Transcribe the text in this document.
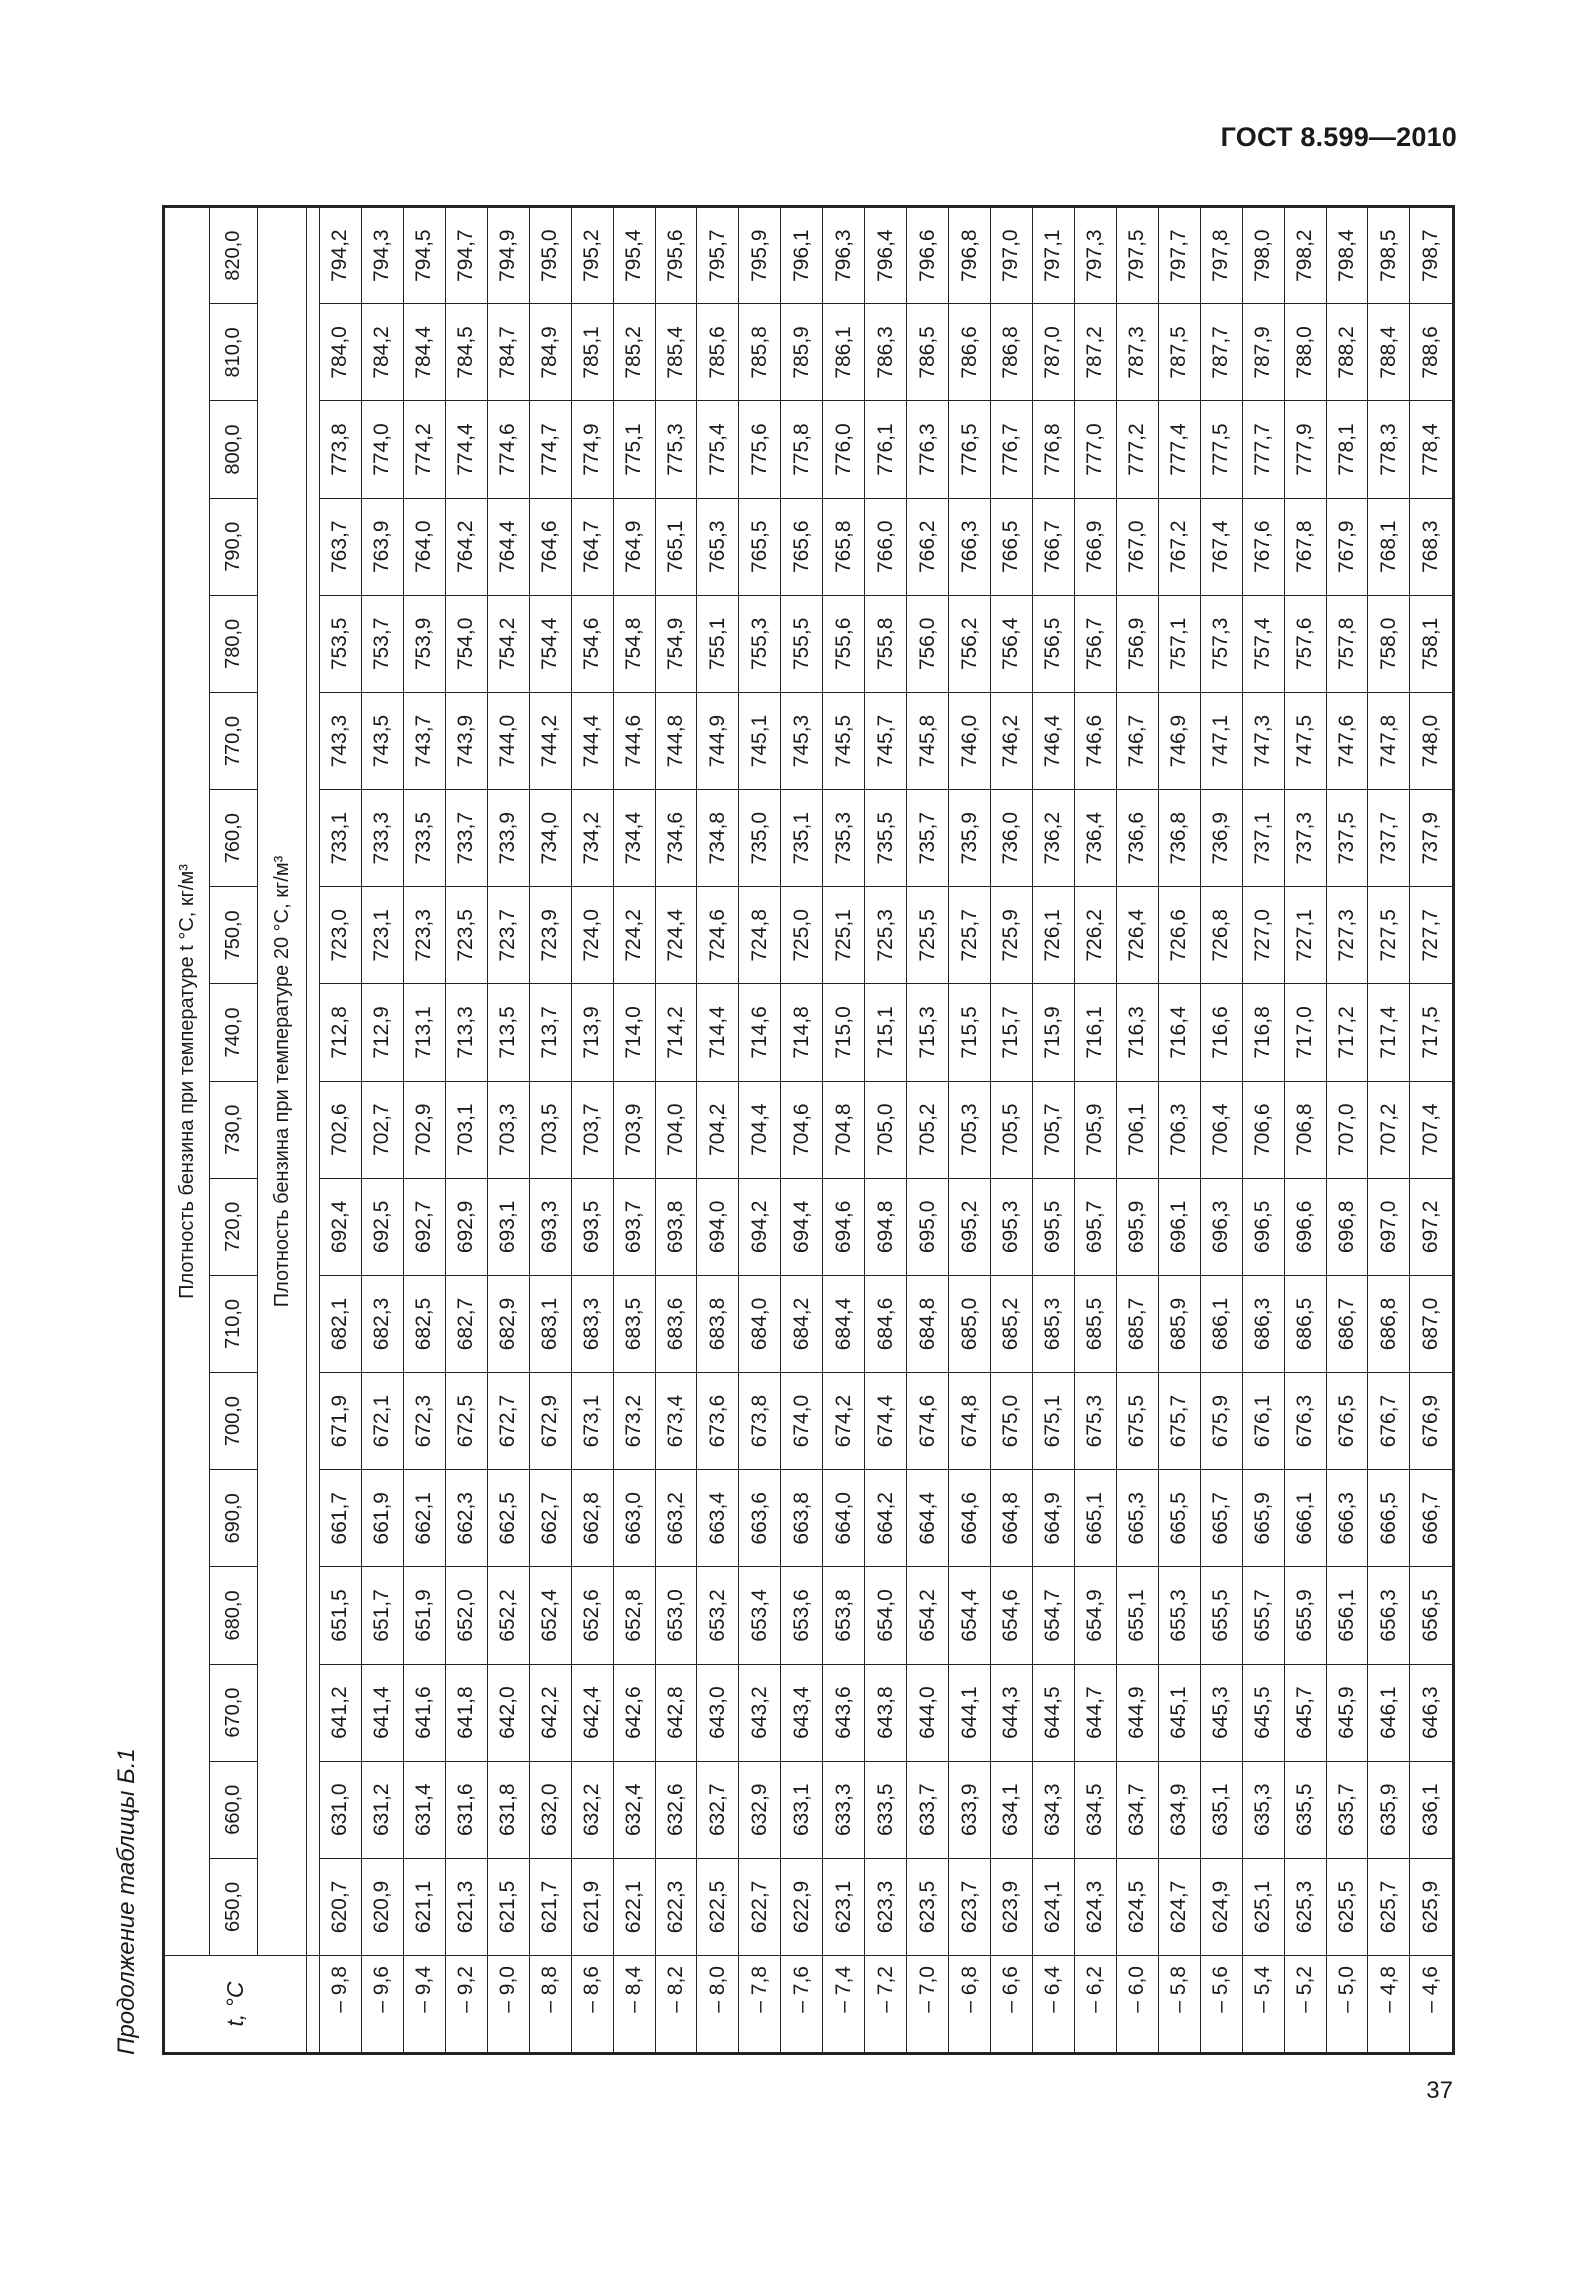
ГОСТ 8.599—2010
37
Продолжение таблицы Б.1	t, °C	Плотность бензина при температуре t °С, кг/м³																	
	650,0	660,0	670,0	680,0	690,0	700,0	710,0	720,0	730,0	740,0	750,0	760,0	770,0	780,0	790,0	800,0	810,0	820,0
	Плотность бензина при температуре 20 °С, кг/м³																	

– 9,8	620,7	631,0	641,2	651,5	661,7	671,9	682,1	692,4	702,6	712,8	723,0	733,1	743,3	753,5	763,7	773,8	784,0	794,2
– 9,6	620,9	631,2	641,4	651,7	661,9	672,1	682,3	692,5	702,7	712,9	723,1	733,3	743,5	753,7	763,9	774,0	784,2	794,3
– 9,4	621,1	631,4	641,6	651,9	662,1	672,3	682,5	692,7	702,9	713,1	723,3	733,5	743,7	753,9	764,0	774,2	784,4	794,5
– 9,2	621,3	631,6	641,8	652,0	662,3	672,5	682,7	692,9	703,1	713,3	723,5	733,7	743,9	754,0	764,2	774,4	784,5	794,7
– 9,0	621,5	631,8	642,0	652,2	662,5	672,7	682,9	693,1	703,3	713,5	723,7	733,9	744,0	754,2	764,4	774,6	784,7	794,9
– 8,8	621,7	632,0	642,2	652,4	662,7	672,9	683,1	693,3	703,5	713,7	723,9	734,0	744,2	754,4	764,6	774,7	784,9	795,0
– 8,6	621,9	632,2	642,4	652,6	662,8	673,1	683,3	693,5	703,7	713,9	724,0	734,2	744,4	754,6	764,7	774,9	785,1	795,2
– 8,4	622,1	632,4	642,6	652,8	663,0	673,2	683,5	693,7	703,9	714,0	724,2	734,4	744,6	754,8	764,9	775,1	785,2	795,4
– 8,2	622,3	632,6	642,8	653,0	663,2	673,4	683,6	693,8	704,0	714,2	724,4	734,6	744,8	754,9	765,1	775,3	785,4	795,6
– 8,0	622,5	632,7	643,0	653,2	663,4	673,6	683,8	694,0	704,2	714,4	724,6	734,8	744,9	755,1	765,3	775,4	785,6	795,7
– 7,8	622,7	632,9	643,2	653,4	663,6	673,8	684,0	694,2	704,4	714,6	724,8	735,0	745,1	755,3	765,5	775,6	785,8	795,9
– 7,6	622,9	633,1	643,4	653,6	663,8	674,0	684,2	694,4	704,6	714,8	725,0	735,1	745,3	755,5	765,6	775,8	785,9	796,1
– 7,4	623,1	633,3	643,6	653,8	664,0	674,2	684,4	694,6	704,8	715,0	725,1	735,3	745,5	755,6	765,8	776,0	786,1	796,3
– 7,2	623,3	633,5	643,8	654,0	664,2	674,4	684,6	694,8	705,0	715,1	725,3	735,5	745,7	755,8	766,0	776,1	786,3	796,4
– 7,0	623,5	633,7	644,0	654,2	664,4	674,6	684,8	695,0	705,2	715,3	725,5	735,7	745,8	756,0	766,2	776,3	786,5	796,6
– 6,8	623,7	633,9	644,1	654,4	664,6	674,8	685,0	695,2	705,3	715,5	725,7	735,9	746,0	756,2	766,3	776,5	786,6	796,8
– 6,6	623,9	634,1	644,3	654,6	664,8	675,0	685,2	695,3	705,5	715,7	725,9	736,0	746,2	756,4	766,5	776,7	786,8	797,0
– 6,4	624,1	634,3	644,5	654,7	664,9	675,1	685,3	695,5	705,7	715,9	726,1	736,2	746,4	756,5	766,7	776,8	787,0	797,1
– 6,2	624,3	634,5	644,7	654,9	665,1	675,3	685,5	695,7	705,9	716,1	726,2	736,4	746,6	756,7	766,9	777,0	787,2	797,3
– 6,0	624,5	634,7	644,9	655,1	665,3	675,5	685,7	695,9	706,1	716,3	726,4	736,6	746,7	756,9	767,0	777,2	787,3	797,5
– 5,8	624,7	634,9	645,1	655,3	665,5	675,7	685,9	696,1	706,3	716,4	726,6	736,8	746,9	757,1	767,2	777,4	787,5	797,7
– 5,6	624,9	635,1	645,3	655,5	665,7	675,9	686,1	696,3	706,4	716,6	726,8	736,9	747,1	757,3	767,4	777,5	787,7	797,8
– 5,4	625,1	635,3	645,5	655,7	665,9	676,1	686,3	696,5	706,6	716,8	727,0	737,1	747,3	757,4	767,6	777,7	787,9	798,0
– 5,2	625,3	635,5	645,7	655,9	666,1	676,3	686,5	696,6	706,8	717,0	727,1	737,3	747,5	757,6	767,8	777,9	788,0	798,2
– 5,0	625,5	635,7	645,9	656,1	666,3	676,5	686,7	696,8	707,0	717,2	727,3	737,5	747,6	757,8	767,9	778,1	788,2	798,4
– 4,8	625,7	635,9	646,1	656,3	666,5	676,7	686,8	697,0	707,2	717,4	727,5	737,7	747,8	758,0	768,1	778,3	788,4	798,5
– 4,6	625,9	636,1	646,3	656,5	666,7	676,9	687,0	697,2	707,4	717,5	727,7	737,9	748,0	758,1	768,3	778,4	788,6	798,7
